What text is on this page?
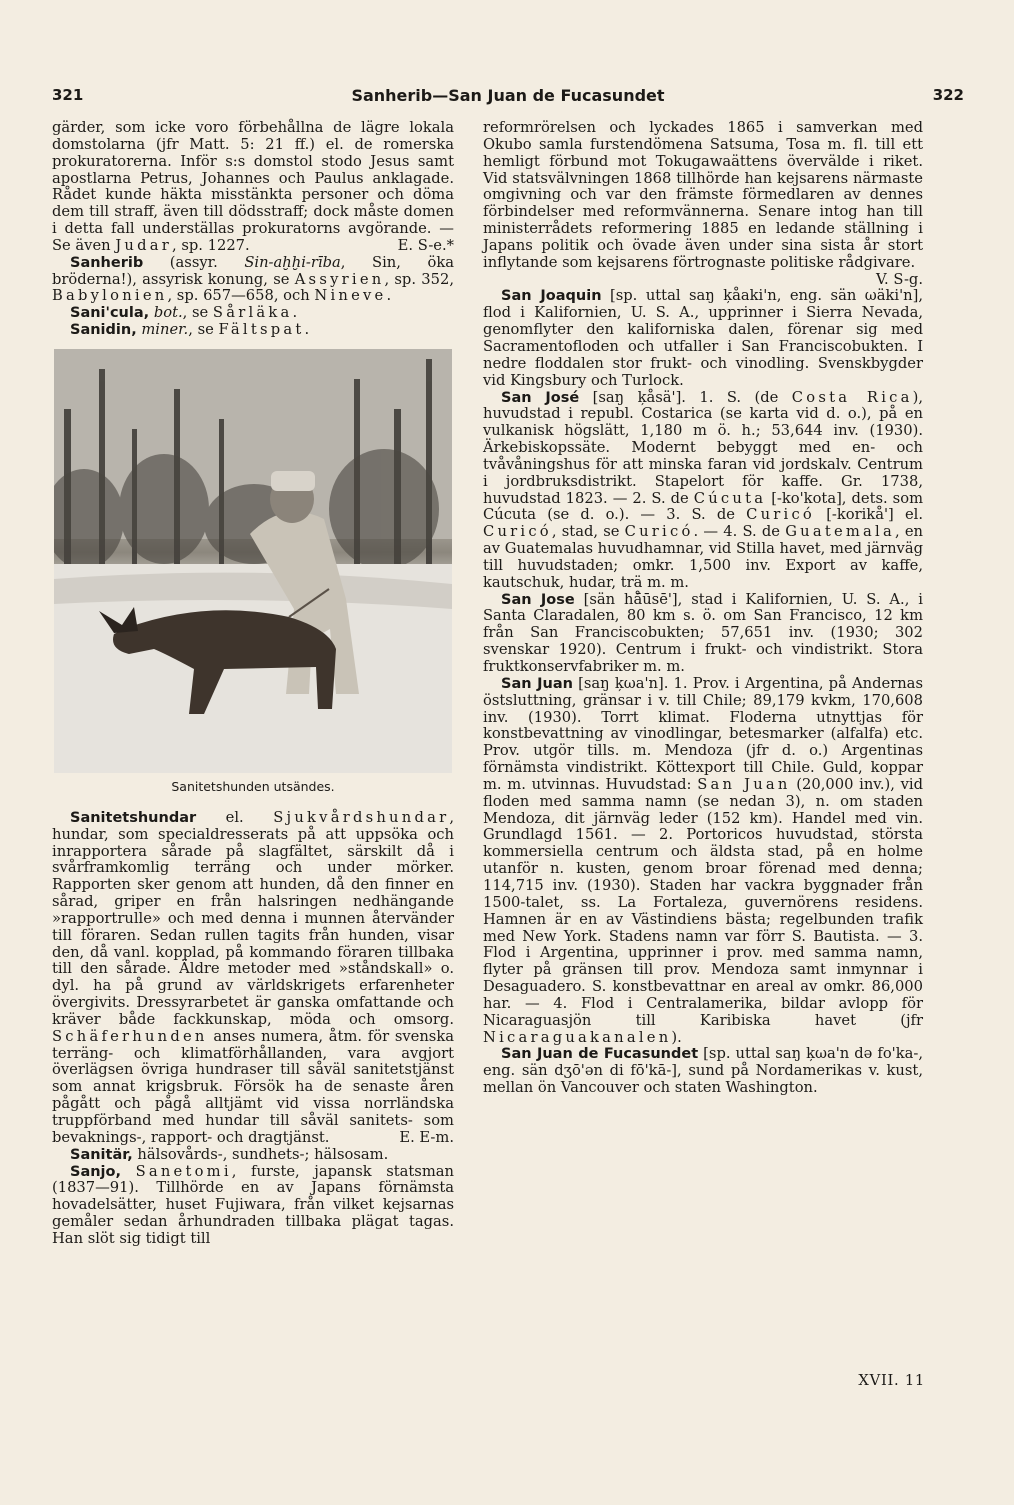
321	Sanherib—San Juan de Fucasundet	322

gärder, som icke voro förbehållna de lägre lokala domstolarna (jfr Matt. 5: 21 ff.) el. de romerska prokuratorerna. Inför s:s domstol stodo Jesus samt apostlarna Petrus, Johannes och Paulus anklagade. Rådet kunde häkta misstänkta personer och döma dem till straff, även till dödsstraff; dock måste domen i detta fall underställas prokuratorns avgörande. — Se även Judar, sp. 1227.	E. S-e.*

Sanherib (assyr. Sin-aḫḫi-rība, Sin, öka bröderna!), assyrisk konung, se Assyrien, sp. 352, Babylonien, sp. 657—658, och Nineve.

Sani'cula, bot., se Sårläka.

Sanidin, miner., se Fältspat.

Sanitetshunden utsändes.

Sanitetshundar el. Sjukvårdshundar, hundar, som specialdresserats på att uppsöka och inrapportera sårade på slagfältet, särskilt då i svårframkomlig terräng och under mörker. Rapporten sker genom att hunden, då den finner en sårad, griper en från halsringen nedhängande »rapportrulle» och med denna i munnen återvänder till föraren. Sedan rullen tagits från hunden, visar den, då vanl. kopplad, på kommando föraren tillbaka till den sårade. Äldre metoder med »ståndskall» o. dyl. ha på grund av världskrigets erfarenheter övergivits. Dressyrarbetet är ganska omfattande och kräver både fackkunskap, möda och omsorg. Schäferhunden anses numera, åtm. för svenska terräng- och klimatförhållanden, vara avgjort överlägsen övriga hundraser till såväl sanitetstjänst som annat krigsbruk. Försök ha de senaste åren pågått och pågå alltjämt vid vissa norrländska truppförband med hundar till såväl sanitets- som bevaknings-, rapport- och dragtjänst.	E. E-m.

Sanitär, hälsovårds-, sundhets-; hälsosam.

Sanjo, Sanetomi, furste, japansk statsman (1837—91). Tillhörde en av Japans förnämsta hovadelsätter, huset Fujiwara, från vilket kejsarnas gemåler sedan århundraden tillbaka plägat tagas. Han slöt sig tidigt till

reformrörelsen och lyckades 1865 i samverkan med Okubo samla furstendömena Satsuma, Tosa m. fl. till ett hemligt förbund mot Tokugawaättens övervälde i riket. Vid statsvälvningen 1868 tillhörde han kejsarens närmaste omgivning och var den främste förmedlaren av dennes förbindelser med reformvännerna. Senare intog han till ministerrådets reformering 1885 en ledande ställning i Japans politik och övade även under sina sista år stort inflytande som kejsarens förtrognaste politiske rådgivare.
V. S-g.

San Joaquin [sp. uttal saŋ ķåaki'n, eng. sän ωäki'n], flod i Kalifornien, U. S. A., upprinner i Sierra Nevada, genomflyter den kaliforniska dalen, förenar sig med Sacramentofloden och utfaller i San Franciscobukten. I nedre floddalen stor frukt- och vinodling. Svenskbygder vid Kingsbury och Turlock.

San José [saŋ ķåsä']. 1. S. (de Costa Rica), huvudstad i republ. Costarica (se karta vid d. o.), på en vulkanisk högslätt, 1,180 m ö. h.; 53,644 inv. (1930). Ärkebiskopssäte. Modernt bebyggt med en- och tvåvåningshus för att minska faran vid jordskalv. Centrum i jordbruksdistrikt. Stapelort för kaffe. Gr. 1738, huvudstad 1823. — 2. S. de Cúcuta [-ko'kota], dets. som Cúcuta (se d. o.). — 3. S. de Curicó [-korikå'] el. Curicó, stad, se Curicó. — 4. S. de Guatemala, en av Guatemalas huvudhamnar, vid Stilla havet, med järnväg till huvudstaden; omkr. 1,500 inv. Export av kaffe, kautschuk, hudar, trä m. m.

San Jose [sän hå̄ūsē'], stad i Kalifornien, U. S. A., i Santa Claradalen, 80 km s. ö. om San Francisco, 12 km från San Franciscobukten; 57,651 inv. (1930; 302 svenskar 1920). Centrum i frukt- och vindistrikt. Stora fruktkonservfabriker m. m.

San Juan [saŋ ķωa'n]. 1. Prov. i Argentina, på Andernas östsluttning, gränsar i v. till Chile; 89,179 kvkm, 170,608 inv. (1930). Torrt klimat. Floderna utnyttjas för konstbevattning av vinodlingar, betesmarker (alfalfa) etc. Prov. utgör tills. m. Mendoza (jfr d. o.) Argentinas förnämsta vindistrikt. Köttexport till Chile. Guld, koppar m. m. utvinnas. Huvudstad: San Juan (20,000 inv.), vid floden med samma namn (se nedan 3), n. om staden Mendoza, dit järnväg leder (152 km). Handel med vin. Grundlagd 1561. — 2. Portoricos huvudstad, största kommersiella centrum och äldsta stad, på en holme utanför n. kusten, genom broar förenad med denna; 114,715 inv. (1930). Staden har vackra byggnader från 1500-talet, ss. La Fortaleza, guvernörens residens. Hamnen är en av Västindiens bästa; regelbunden trafik med New York. Stadens namn var förr S. Bautista. — 3. Flod i Argentina, upprinner i prov. med samma namn, flyter på gränsen till prov. Mendoza samt inmynnar i Desaguadero. S. konstbevattnar en areal av omkr. 86,000 har. — 4. Flod i Centralamerika, bildar avlopp för Nicaraguasjön till Karibiska havet (jfr Nicaraguakanalen).

San Juan de Fucasundet [sp. uttal saŋ ķωa'n də fo'ka-, eng. sän dʒō'ən di fō'kā-], sund på Nordamerikas v. kust, mellan ön Vancouver och staten Washington.

XVII. 11
